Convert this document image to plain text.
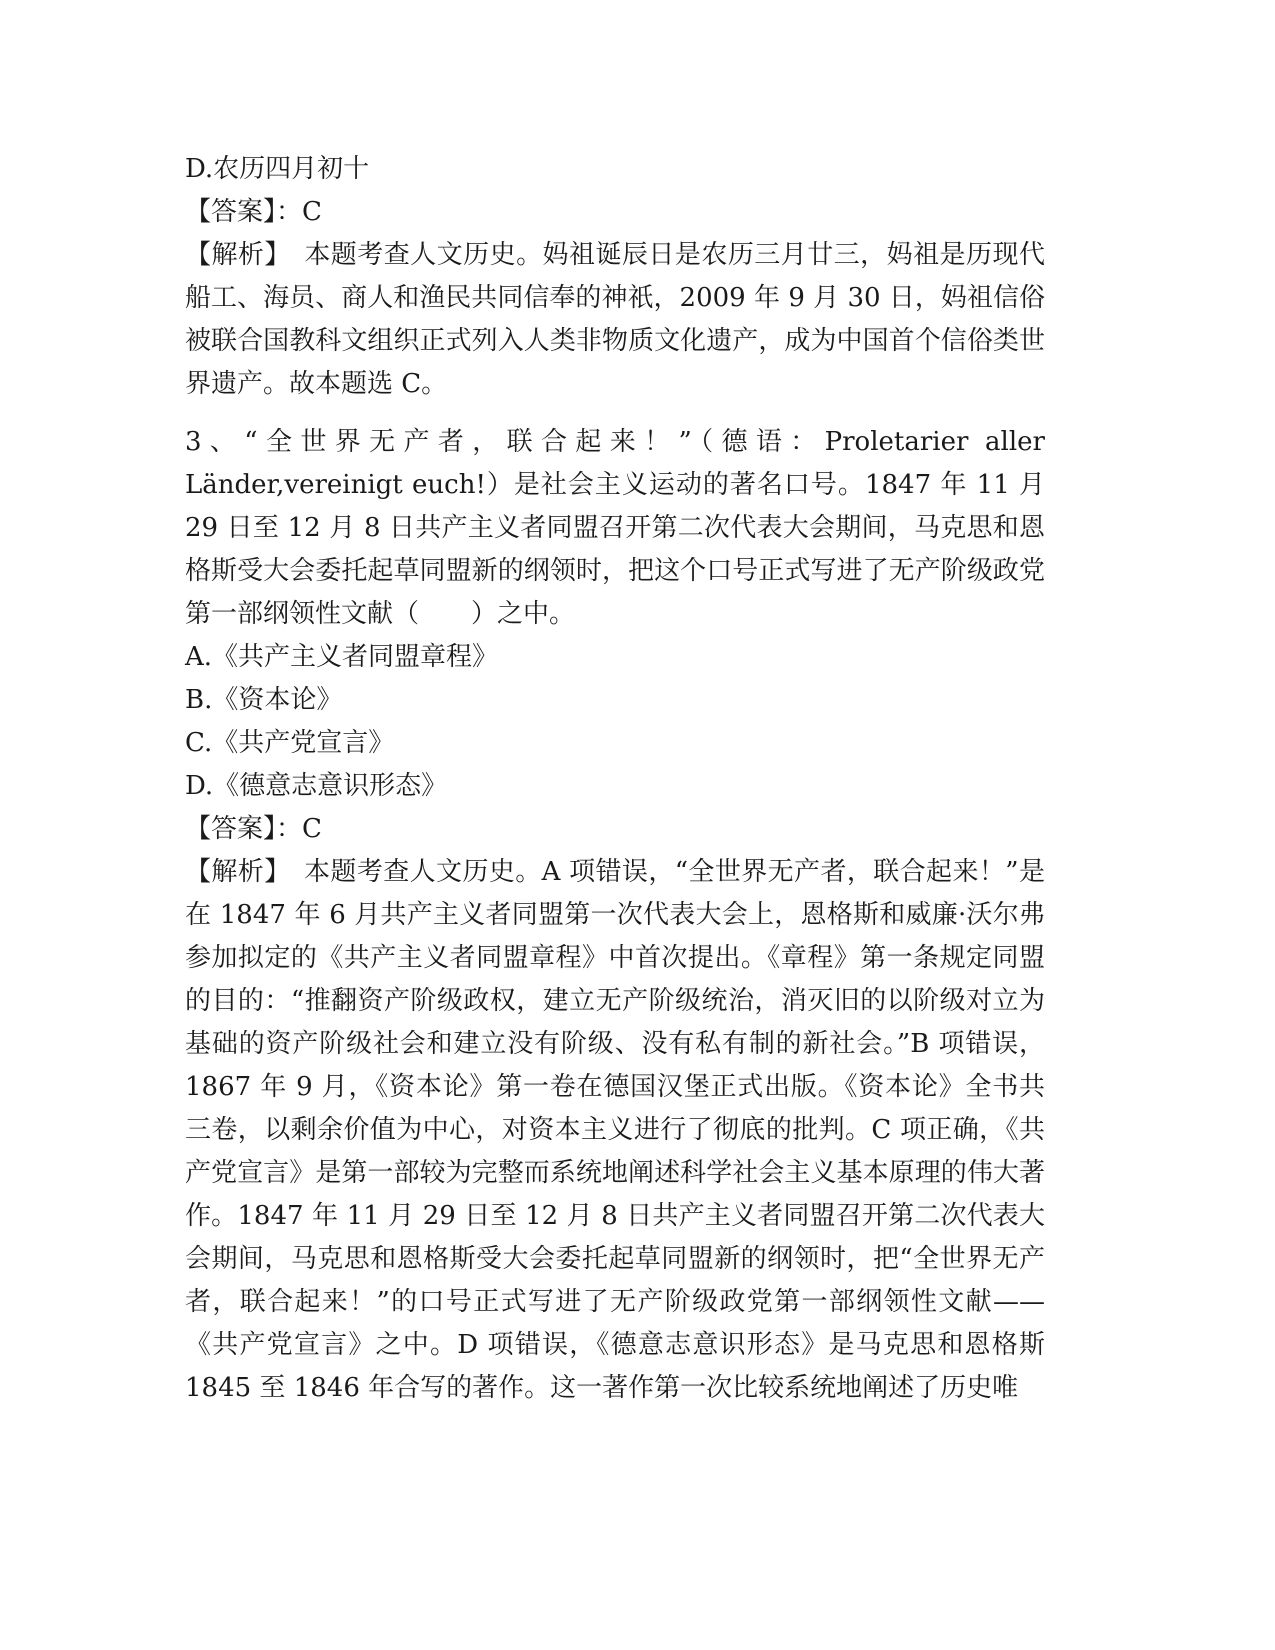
D.农历四月初十
【答案】：C
【解析】　 本题考查人文历史。妈祖诞辰日是农历三月廿三，妈祖是历现代船工、海员、商人和渔民共同信奉的神祇，2009 年 9 月 30 日，妈祖信俗被联合国教科文组织正式列入人类非物质文化遗产，成为中国首个信俗类世界遗产。故本题选 C。
3、“全世界无产者，联合起来！”（德语：Proletarier aller Länder,vereinigt euch!）是社会主义运动的著名口号。1847 年 11 月 29 日至 12 月 8 日共产主义者同盟召开第二次代表大会期间，马克思和恩格斯受大会委托起草同盟新的纲领时，把这个口号正式写进了无产阶级政党第一部纲领性文献（　　）之中。
A.《共产主义者同盟章程》
B.《资本论》
C.《共产党宣言》
D.《德意志意识形态》
【答案】：C
【解析】　 本题考查人文历史。A 项错误，“全世界无产者，联合起来！”是在 1847 年 6 月共产主义者同盟第一次代表大会上，恩格斯和威廉·沃尔弗参加拟定的《共产主义者同盟章程》中首次提出。《章程》第一条规定同盟的目的：“推翻资产阶级政权，建立无产阶级统治，消灭旧的以阶级对立为基础的资产阶级社会和建立没有阶级、没有私有制的新社会。”B 项错误，1867 年 9 月，《资本论》第一卷在德国汉堡正式出版。《资本论》全书共三卷，以剩余价值为中心，对资本主义进行了彻底的批判。C 项正确，《共产党宣言》是第一部较为完整而系统地阐述科学社会主义基本原理的伟大著作。1847 年 11 月 29 日至 12 月 8 日共产主义者同盟召开第二次代表大会期间，马克思和恩格斯受大会委托起草同盟新的纲领时，把“全世界无产者，联合起来！”的口号正式写进了无产阶级政党第一部纲领性文献——《共产党宣言》之中。D 项错误，《德意志意识形态》是马克思和恩格斯 1845 至 1846 年合写的著作。这一著作第一次比较系统地阐述了历史唯
